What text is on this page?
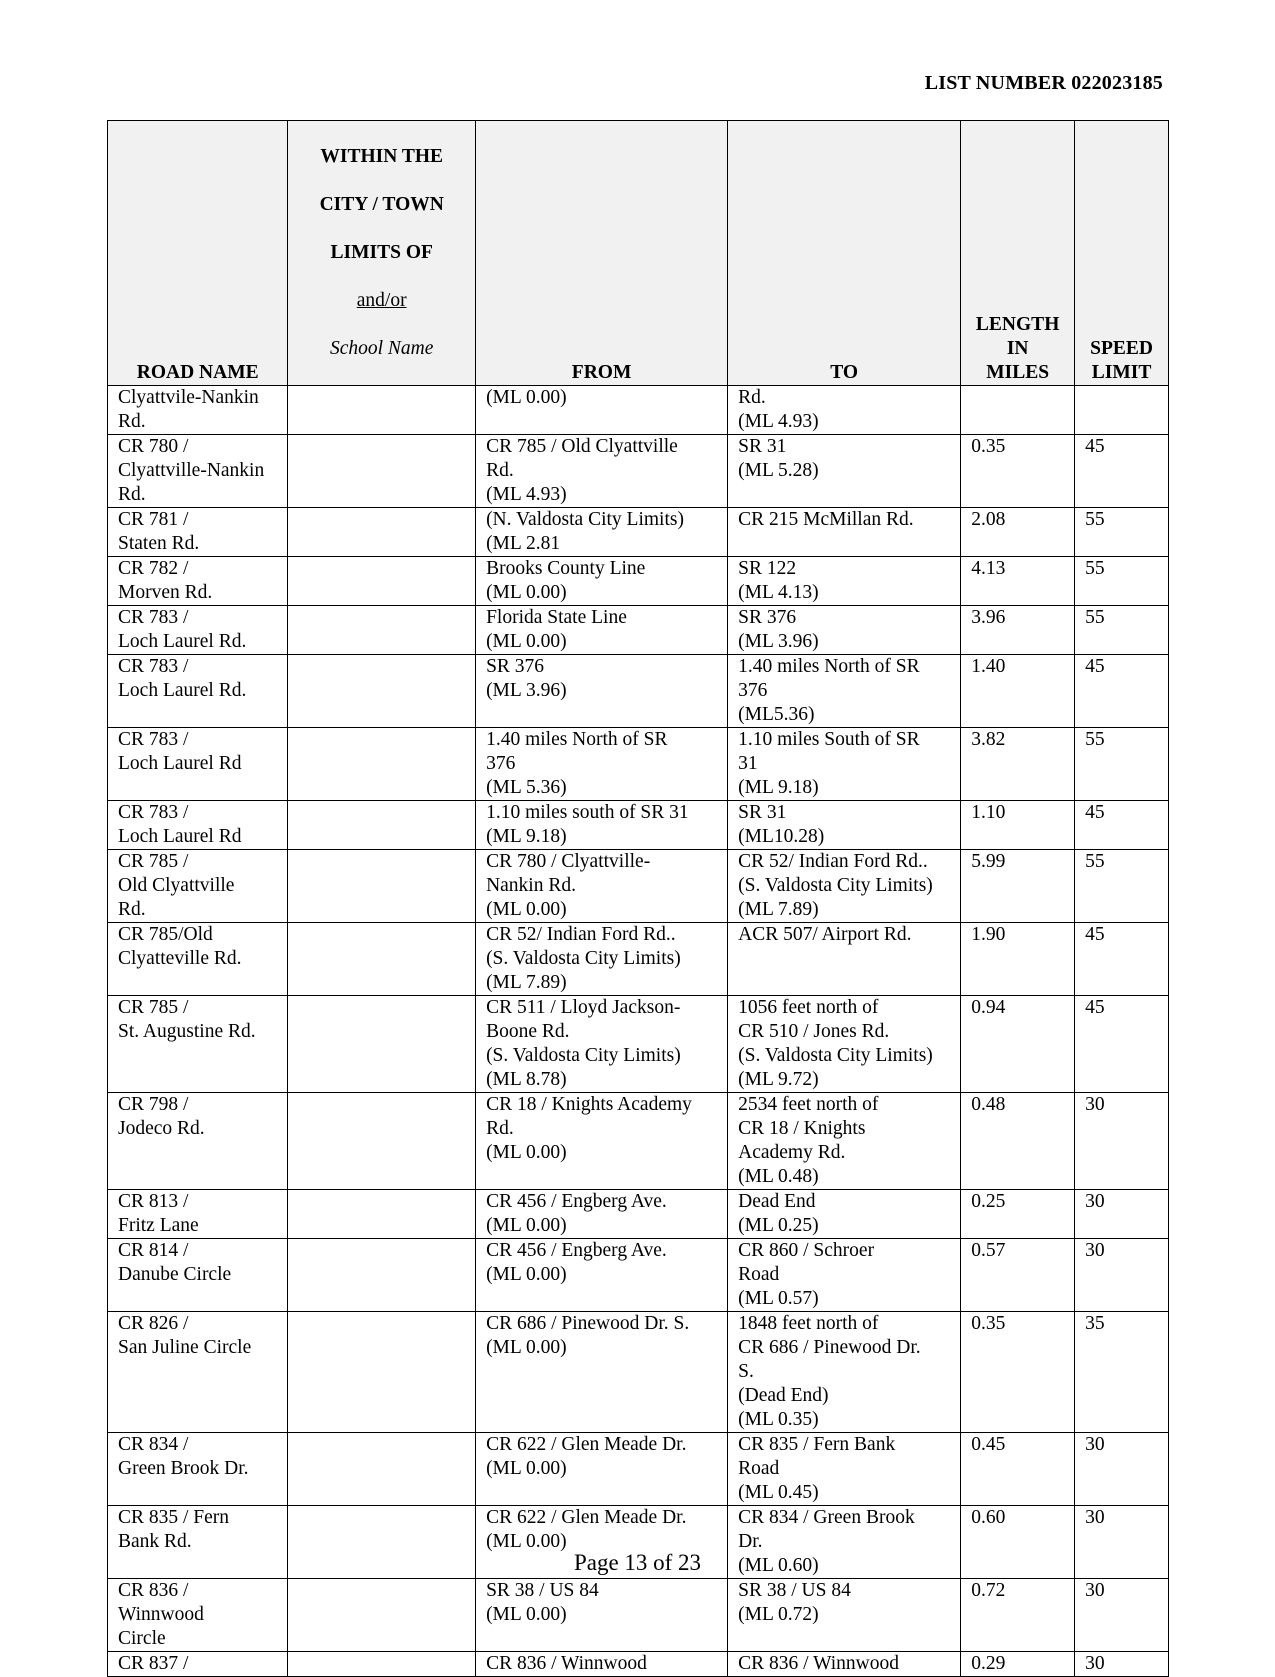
LIST NUMBER 022023185
ROAD NAME	WITHIN THE

CITY / TOWN

LIMITS OF

and/or

School Name	FROM	TO	LENGTH
IN
MILES	SPEED
LIMIT
Clyattvile-Nankin
Rd.		(ML 0.00)	Rd.
(ML 4.93)		
CR 780 /
Clyattville-Nankin
Rd.		CR 785 / Old Clyattville
Rd.
(ML 4.93)	SR 31
(ML 5.28)	0.35	45
CR 781 /
Staten Rd.		(N. Valdosta City Limits)
(ML 2.81	CR 215 McMillan Rd.	2.08	55
CR 782 /
Morven Rd.		Brooks County Line
(ML 0.00)	SR 122
(ML 4.13)	4.13	55
CR 783 /
Loch Laurel Rd.		Florida State Line
(ML 0.00)	SR 376
(ML 3.96)	3.96	55
CR 783 /
Loch Laurel Rd.		SR 376
(ML 3.96)	1.40 miles North of SR
376
(ML5.36)	1.40	45
CR 783 /
Loch Laurel Rd		1.40 miles North of SR
376
(ML 5.36)	1.10 miles South of SR
31
(ML 9.18)	3.82	55
CR 783 /
Loch Laurel Rd		1.10 miles south of SR 31
(ML 9.18)	SR 31
(ML10.28)	1.10	45
CR 785 /
Old Clyattville
Rd.		CR 780 / Clyattville-
Nankin Rd.
(ML 0.00)	CR 52/ Indian Ford Rd..
(S. Valdosta City Limits)
(ML 7.89)	5.99	55
CR 785/Old
Clyatteville Rd.		CR 52/ Indian Ford Rd..
(S. Valdosta City Limits)
(ML 7.89)	ACR 507/ Airport Rd.	1.90	45
CR 785 /
St. Augustine Rd.		CR 511 / Lloyd Jackson-
Boone Rd.
(S. Valdosta City Limits)
(ML 8.78)	1056 feet north of
CR 510 / Jones Rd.
(S. Valdosta City Limits)
(ML 9.72)	0.94	45
CR 798 /
Jodeco Rd.		CR 18 / Knights Academy
Rd.
(ML 0.00)	2534 feet north of
CR 18 / Knights
Academy Rd.
(ML 0.48)	0.48	30
CR 813 /
Fritz Lane		CR 456 / Engberg Ave.
(ML 0.00)	Dead End
(ML 0.25)	0.25	30
CR 814 /
Danube Circle		CR 456 / Engberg Ave.
(ML 0.00)	CR 860 / Schroer
Road
(ML 0.57)	0.57	30
CR 826 /
San Juline Circle		CR 686 / Pinewood Dr. S.
(ML 0.00)	1848 feet north of
CR 686 / Pinewood Dr.
S.
(Dead End)
(ML 0.35)	0.35	35
CR 834 /
Green Brook Dr.		CR 622 / Glen Meade Dr.
(ML 0.00)	CR 835 / Fern Bank
Road
(ML 0.45)	0.45	30
CR 835 / Fern
Bank Rd.		CR 622 / Glen Meade Dr.
(ML 0.00)	CR 834 / Green Brook
Dr.
(ML 0.60)	0.60	30
CR 836 /
Winnwood
Circle		SR 38 / US 84
(ML 0.00)	SR 38 / US 84
(ML 0.72)	0.72	30
CR 837 /		CR 836 / Winnwood	CR 836 / Winnwood	0.29	30
Page 13 of 23
